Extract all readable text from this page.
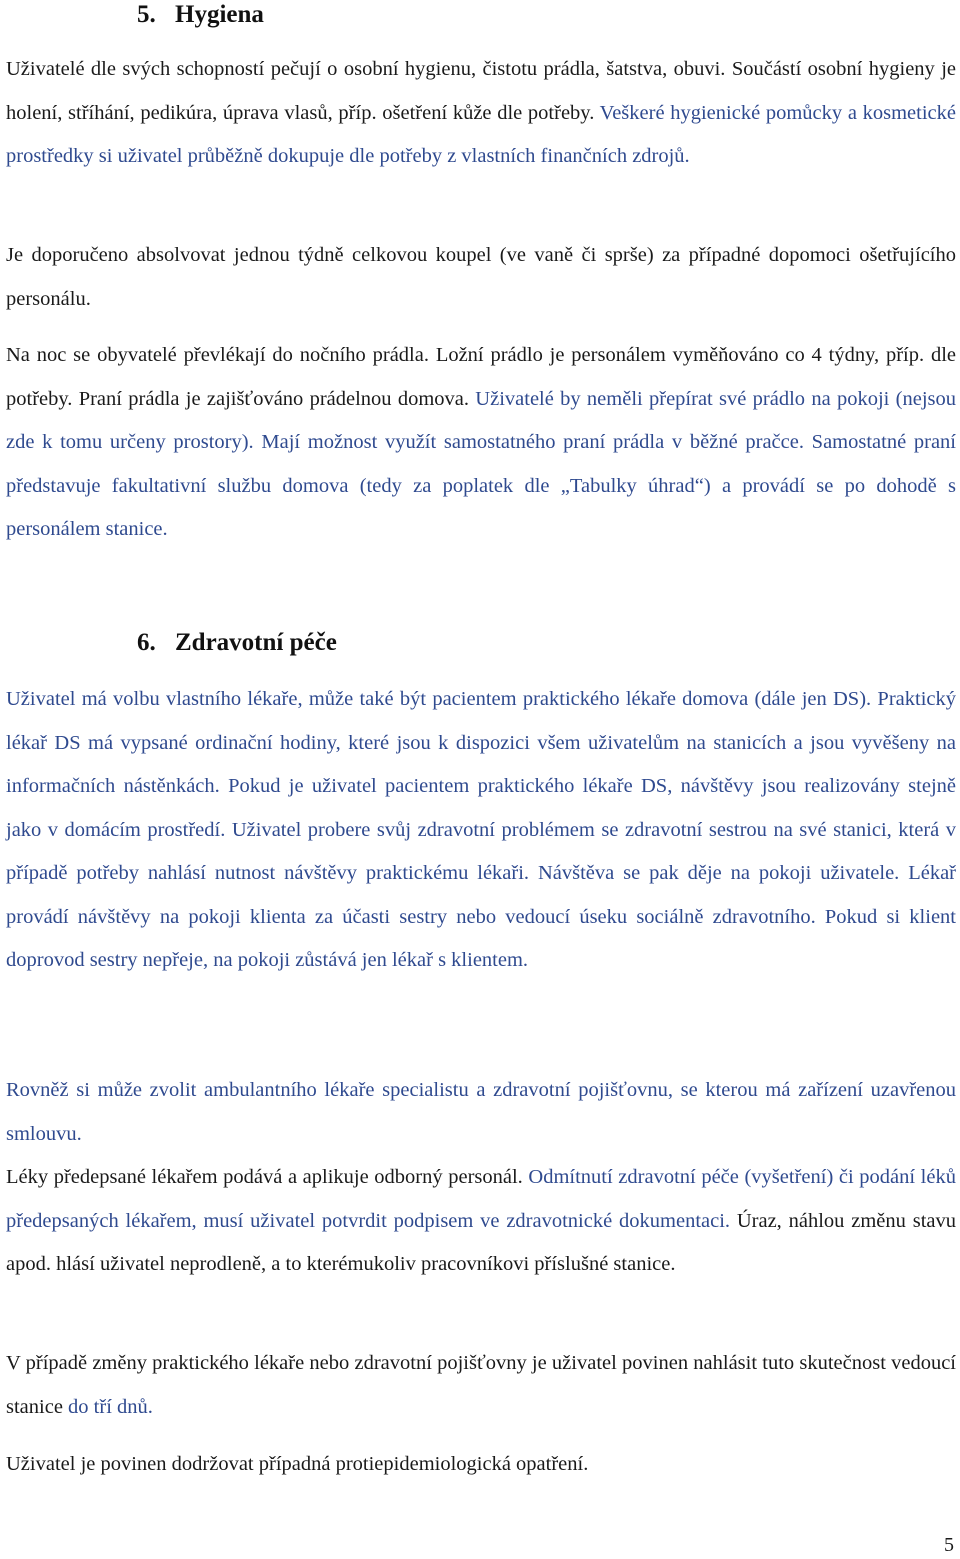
5. Hygiena

Uživatelé dle svých schopností pečují o osobní hygienu, čistotu prádla, šatstva, obuvi. Součástí osobní hygieny je holení, stříhání, pedikúra, úprava vlasů, příp. ošetření kůže dle potřeby. Veškeré hygienické pomůcky a kosmetické prostředky si uživatel průběžně dokupuje dle potřeby z vlastních finančních zdrojů.

Je doporučeno absolvovat jednou týdně celkovou koupel (ve vaně či sprše) za případné dopomoci ošetřujícího personálu.

Na noc se obyvatelé převlékají do nočního prádla. Ložní prádlo je personálem vyměňováno co 4 týdny, příp. dle potřeby. Praní prádla je zajišťováno prádelnou domova. Uživatelé by neměli přepírat své prádlo na pokoji (nejsou zde k tomu určeny prostory). Mají možnost využít samostatného praní prádla v běžné pračce. Samostatné praní představuje fakultativní službu domova (tedy za poplatek dle „Tabulky úhrad“) a provádí se po dohodě s personálem stanice.

6. Zdravotní péče

Uživatel má volbu vlastního lékaře, může také být pacientem praktického lékaře domova (dále jen DS). Praktický lékař DS má vypsané ordinační hodiny, které jsou k dispozici všem uživatelům na stanicích a jsou vyvěšeny na informačních nástěnkách. Pokud je uživatel pacientem praktického lékaře DS, návštěvy jsou realizovány stejně jako v domácím prostředí. Uživatel probere svůj zdravotní problémem se zdravotní sestrou na své stanici, která v případě potřeby nahlásí nutnost návštěvy praktickému lékaři. Návštěva se pak děje na pokoji uživatele. Lékař provádí návštěvy na pokoji klienta za účasti sestry nebo vedoucí úseku sociálně zdravotního. Pokud si klient doprovod sestry nepřeje, na pokoji zůstává jen lékař s klientem.

Rovněž si může zvolit ambulantního lékaře specialistu a zdravotní pojišťovnu, se kterou má zařízení uzavřenou smlouvu.

Léky předepsané lékařem podává a aplikuje odborný personál. Odmítnutí zdravotní péče (vyšetření) či podání léků předepsaných lékařem, musí uživatel potvrdit podpisem ve zdravotnické dokumentaci. Úraz, náhlou změnu stavu apod. hlásí uživatel neprodleně, a to kterémukoliv pracovníkovi příslušné stanice.

V případě změny praktického lékaře nebo zdravotní pojišťovny je uživatel povinen nahlásit tuto skutečnost vedoucí stanice do tří dnů.

Uživatel je povinen dodržovat případná protiepidemiologická opatření.

5
